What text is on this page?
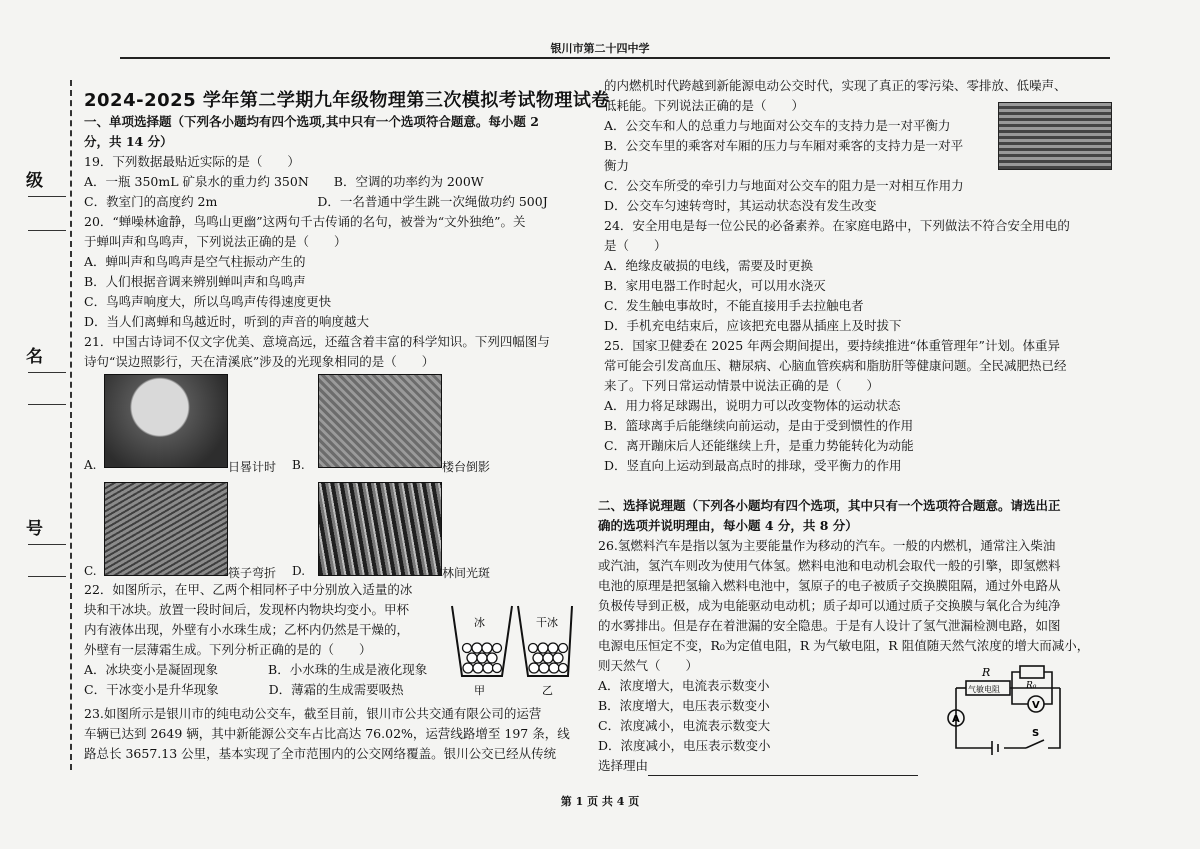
银川市第二十四中学
级
名
号
2024-2025 学年第二学期九年级物理第三次模拟考试物理试卷
一、单项选择题（下列各小题均有四个选项,其中只有一个选项符合题意。每小题 2
分，共 14 分）
19．下列数据最贴近实际的是（　　）
A．一瓶 350mL 矿泉水的重力约 350N　　B．空调的功率约为 200W
C．教室门的高度约 2m　　　　　　　　D．一名普通中学生跳一次绳做功约 500J
20．“蝉噪林逾静，鸟鸣山更幽”这两句千古传诵的名句，被誉为“文外独绝”。关
于蝉叫声和鸟鸣声，下列说法正确的是（　　）
A．蝉叫声和鸟鸣声是空气柱振动产生的
B．人们根据音调来辨别蝉叫声和鸟鸣声
C．鸟鸣声响度大，所以鸟鸣声传得速度更快
D．当人们离蝉和鸟越近时，听到的声音的响度越大
21．中国古诗词不仅文字优美、意境高远，还蕴含着丰富的科学知识。下列四幅图与
诗句“误边照影行，天在清溪底”涉及的光现象相同的是（　　）
A.	日晷计时 B.	楼台倒影
C.	筷子弯折 D.	林间光斑
22．如图所示，在甲、乙两个相同杯子中分别放入适量的冰
块和干冰块。放置一段时间后，发现杯内物块均变小。甲杯
内有液体出现，外壁有小水珠生成；乙杯内仍然是干燥的，
外壁有一层薄霜生成。下列分析正确的是的（　　）
A．冰块变小是凝固现象　　　　B．小水珠的生成是液化现象
C．干冰变小是升华现象　　　　D．薄霜的生成需要吸热
冰	干冰
甲	乙
23.如图所示是银川市的纯电动公交车，截至目前，银川市公共交通有限公司的运营
车辆已达到 2649 辆，其中新能源公交车占比高达 76.02%，运营线路增至 197 条，线
路总长 3657.13 公里，基本实现了全市范围内的公交网络覆盖。银川公交已经从传统
的内燃机时代跨越到新能源电动公交时代，实现了真正的零污染、零排放、低噪声、
低耗能。下列说法正确的是（　　）
A．公交车和人的总重力与地面对公交车的支持力是一对平衡力
B．公交车里的乘客对车厢的压力与车厢对乘客的支持力是一对平
衡力
C．公交车所受的牵引力与地面对公交车的阻力是一对相互作用力
D．公交车匀速转弯时，其运动状态没有发生改变
24．安全用电是每一位公民的必备素养。在家庭电路中，下列做法不符合安全用电的
是（　　）
A．绝缘皮破损的电线，需要及时更换
B．家用电器工作时起火，可以用水浇灭
C．发生触电事故时，不能直接用手去拉触电者
D．手机充电结束后，应该把充电器从插座上及时拔下
25．国家卫健委在 2025 年两会期间提出，要持续推进“体重管理年”计划。体重异
常可能会引发高血压、糖尿病、心脑血管疾病和脂肪肝等健康问题。全民减肥热已经
来了。下列日常运动情景中说法正确的是（　　）
A．用力将足球踢出，说明力可以改变物体的运动状态
B．篮球离手后能继续向前运动，是由于受到惯性的作用
C．离开蹦床后人还能继续上升，是重力势能转化为动能
D．竖直向上运动到最高点时的排球，受平衡力的作用
二、选择说理题（下列各小题均有四个选项，其中只有一个选项符合题意。请选出正
确的选项并说明理由，每小题 4 分，共 8 分）
26.氢燃料汽车是指以氢为主要能量作为移动的汽车。一般的内燃机，通常注入柴油
或汽油，氢汽车则改为使用气体氢。燃料电池和电动机会取代一般的引擎，即氢燃料
电池的原理是把氢输入燃料电池中，氢原子的电子被质子交换膜阻隔，通过外电路从
负极传导到正极，成为电能驱动电动机；质子却可以通过质子交换膜与氧化合为纯净
的水雾排出。但是存在着泄漏的安全隐患。于是有人设计了氢气泄漏检测电路，如图
电源电压恒定不变，R₀为定值电阻，R 为气敏电阻，R 阻值随天然气浓度的增大而减小，
则天然气（　　）
A．浓度增大，电流表示数变小
B．浓度增大，电压表示数变小
C．浓度减小，电流表示数变大
D．浓度减小，电压表示数变小
选择理由
R
气敏电阻	R₀
A
V
S
第 1 页 共 4 页
